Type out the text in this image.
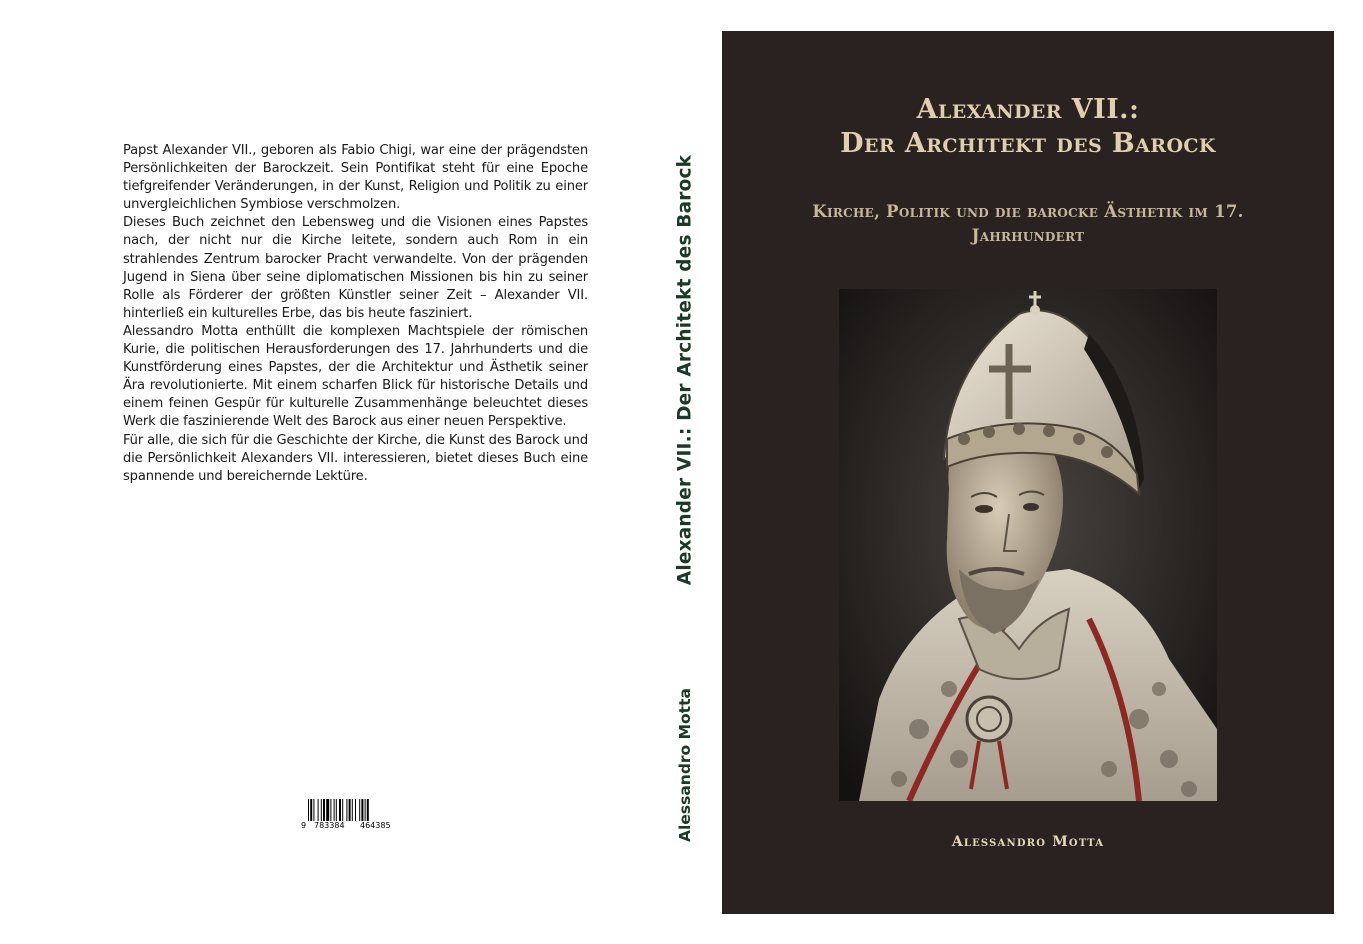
Papst Alexander VII., geboren als Fabio Chigi, war eine der prägendsten Persönlichkeiten der Barockzeit. Sein Pontifikat steht für eine Epoche tiefgreifender Veränderungen, in der Kunst, Religion und Politik zu einer unvergleichlichen Symbiose verschmolzen.

Dieses Buch zeichnet den Lebensweg und die Visionen eines Papstes nach, der nicht nur die Kirche leitete, sondern auch Rom in ein strahlendes Zentrum barocker Pracht verwandelte. Von der prägenden Jugend in Siena über seine diplomatischen Missionen bis hin zu seiner Rolle als Förderer der größten Künstler seiner Zeit – Alexander VII. hinterließ ein kulturelles Erbe, das bis heute fasziniert.

Alessandro Motta enthüllt die komplexen Machtspiele der römischen Kurie, die politischen Herausforderungen des 17. Jahrhunderts und die Kunstförderung eines Papstes, der die Architektur und Ästhetik seiner Ära revolutionierte. Mit einem scharfen Blick für historische Details und einem feinen Gespür für kulturelle Zusammenhänge beleuchtet dieses Werk die faszinierende Welt des Barock aus einer neuen Perspektive.

Für alle, die sich für die Geschichte der Kirche, die Kunst des Barock und die Persönlichkeit Alexanders VII. interessieren, bietet dieses Buch eine spannende und bereichernde Lektüre.

9 783384 464385
Alexander VII.: Der Architekt des Barock
Alessandro Motta
Alexander VII.:
Der Architekt des Barock
Kirche, Politik und die barocke Ästhetik im 17. Jahrhundert
Alessandro Motta
